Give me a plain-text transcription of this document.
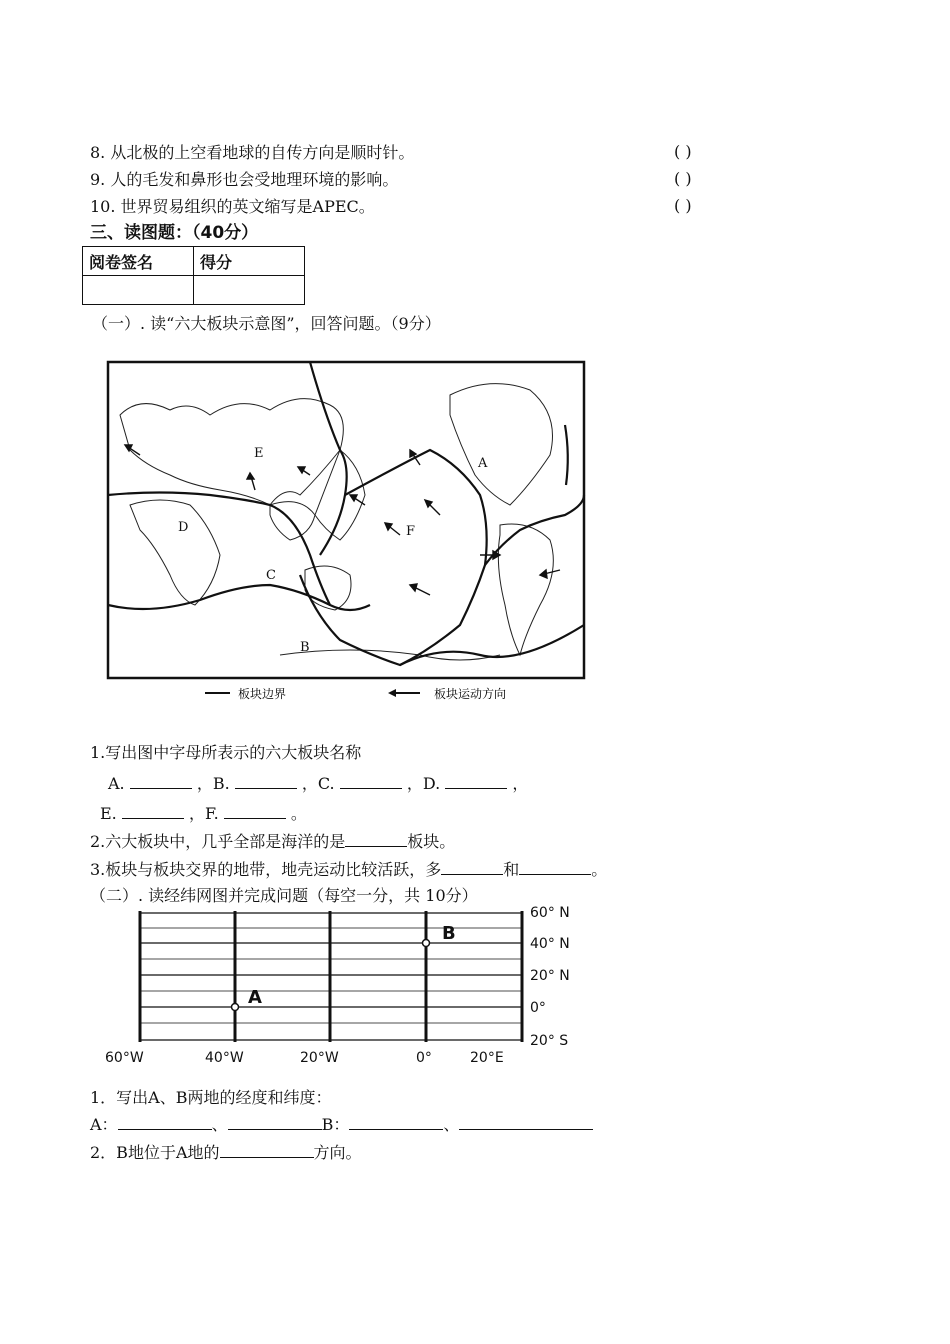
8. 从北极的上空看地球的自传方向是顺时针。	( )
9. 人的毛发和鼻形也会受地理环境的影响。	( )
10. 世界贸易组织的英文缩写是APEC。	( )
三、读图题：（40分）
阅卷签名	得分

（一）. 读“六大板块示意图”，回答问题。（9分）
板块边界	板块运动方向
A
B
C
D
E
F
1.写出图中字母所表示的六大板块名称
A.	，B.	，C.	，D.	，
E.	，F.	。
2.六大板块中，几乎全部是海洋的是	板块。
3.板块与板块交界的地带，地壳运动比较活跃，多	和	。
（二）. 读经纬网图并完成问题（每空一分，共 10分）
B
A
60° N
40° N
20° N
0°
20° S
60°W	40°W	20°W	0°	20°E
1．写出A、B两地的经度和纬度：
A：	、	B：	、
2．B地位于A地的	方向。
